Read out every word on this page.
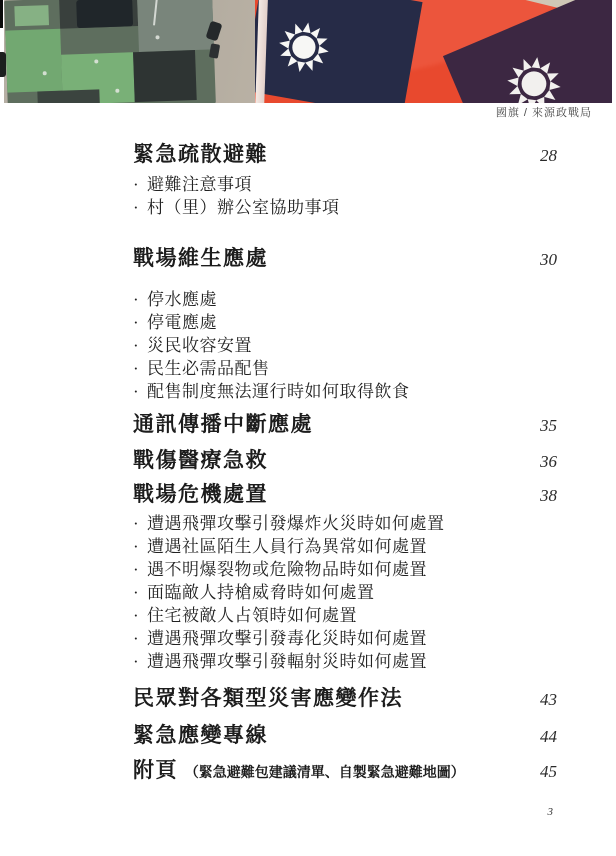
國旗 / 來源政戰局
緊急疏散避難	28
· 避難注意事項
· 村（里）辦公室協助事項
戰場維生應處	30
· 停水應處
· 停電應處
· 災民收容安置
· 民生必需品配售
· 配售制度無法運行時如何取得飲食
通訊傳播中斷應處	35
戰傷醫療急救	36
戰場危機處置	38
· 遭遇飛彈攻擊引發爆炸火災時如何處置
· 遭遇社區陌生人員行為異常如何處置
· 遇不明爆裂物或危險物品時如何處置
· 面臨敵人持槍威脅時如何處置
· 住宅被敵人占領時如何處置
· 遭遇飛彈攻擊引發毒化災時如何處置
· 遭遇飛彈攻擊引發輻射災時如何處置
民眾對各類型災害應變作法	43
緊急應變專線	44
附頁 （緊急避難包建議清單、自製緊急避難地圖）	45
3
